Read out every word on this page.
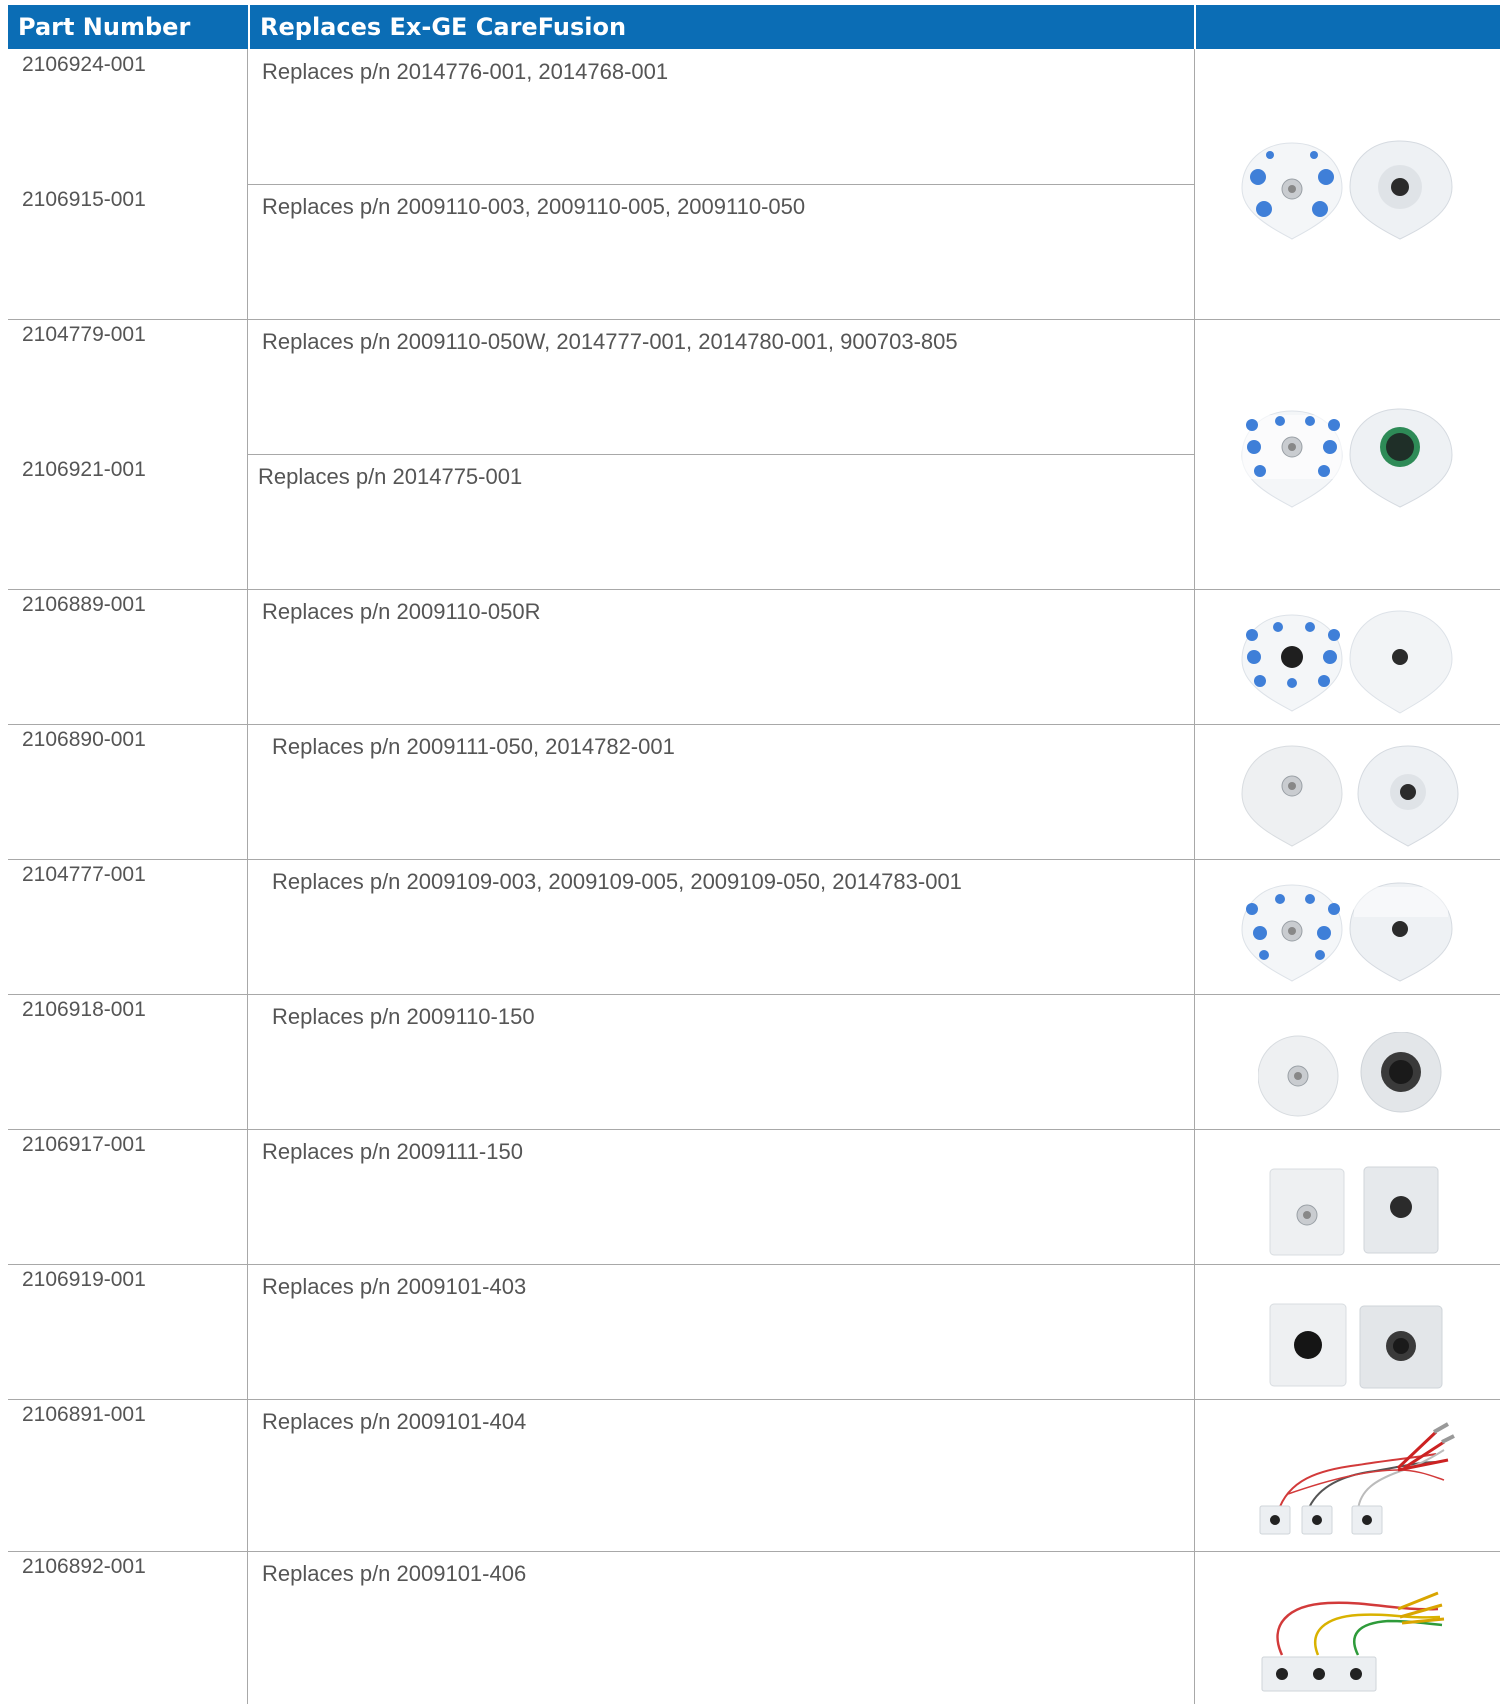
Part Number	Replaces Ex-GE CareFusion
2106924-001
2106915-001
2104779-001
2106921-001
2106889-001
2106890-001
2104777-001
2106918-001
2106917-001
2106919-001
2106891-001
2106892-001
Replaces p/n 2014776-001, 2014768-001
Replaces p/n 2009110-003, 2009110-005, 2009110-050
Replaces p/n 2009110-050W, 2014777-001, 2014780-001, 900703-805
Replaces p/n 2014775-001
Replaces p/n 2009110-050R
Replaces p/n 2009111-050, 2014782-001
Replaces p/n 2009109-003, 2009109-005, 2009109-050, 2014783-001
Replaces p/n 2009110-150
Replaces p/n 2009111-150
Replaces p/n 2009101-403
Replaces p/n 2009101-404
Replaces p/n 2009101-406
